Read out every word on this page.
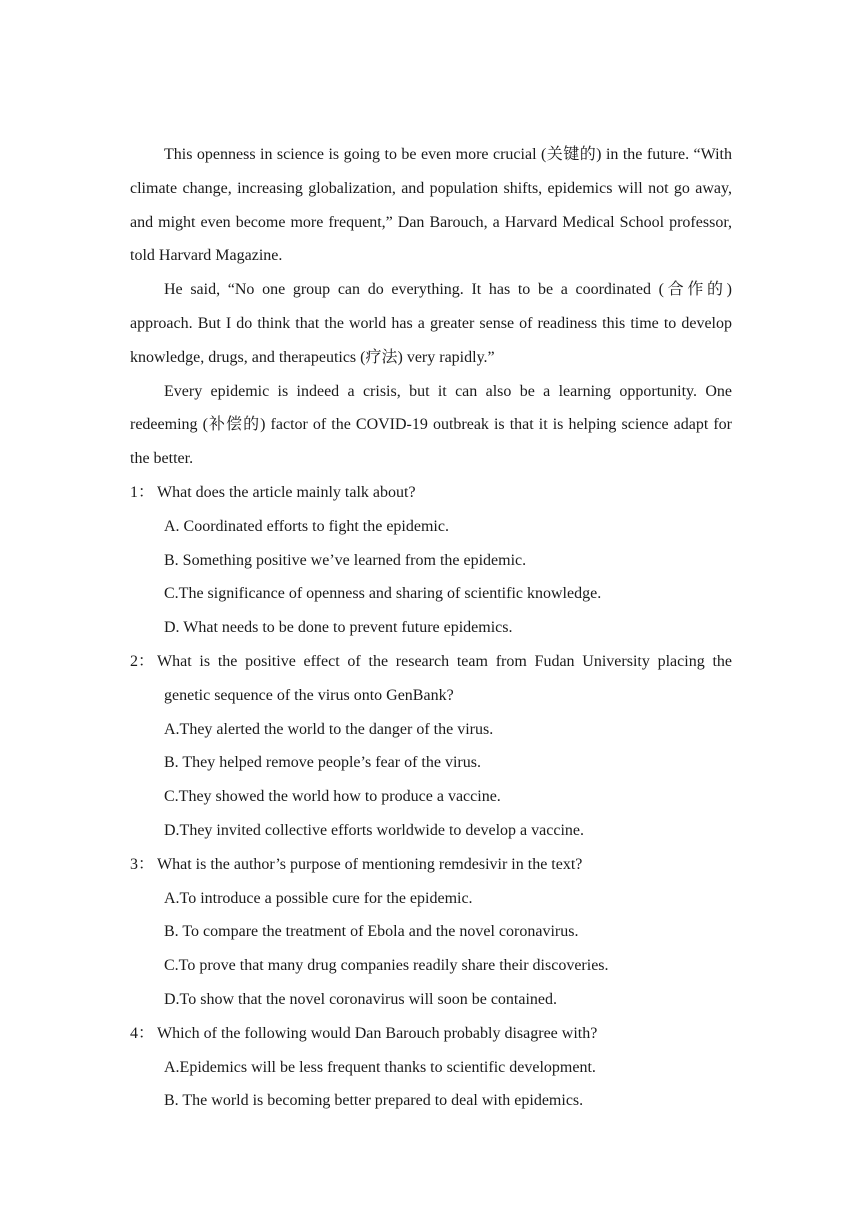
This openness in science is going to be even more crucial (关键的) in the future. “With climate change, increasing globalization, and population shifts, epidemics will not go away, and might even become more frequent,” Dan Barouch, a Harvard Medical School professor, told Harvard Magazine.

He said, “No one group can do everything. It has to be a coordinated (合作的) approach. But I do think that the world has a greater sense of readiness this time to develop knowledge, drugs, and therapeutics (疗法) very rapidly.”

Every epidemic is indeed a crisis, but it can also be a learning opportunity. One redeeming (补偿的) factor of the COVID-19 outbreak is that it is helping science adapt for the better.

1： What does the article mainly talk about?

A. Coordinated efforts to fight the epidemic.

B. Something positive we’ve learned from the epidemic.

C.The significance of openness and sharing of scientific knowledge.

D. What needs to be done to prevent future epidemics.

2： What is the positive effect of the research team from Fudan University placing the genetic sequence of the virus onto GenBank?

A.They alerted the world to the danger of the virus.

B. They helped remove people’s fear of the virus.

C.They showed the world how to produce a vaccine.

D.They invited collective efforts worldwide to develop a vaccine.

3： What is the author’s purpose of mentioning remdesivir in the text?

A.To introduce a possible cure for the epidemic.

B. To compare the treatment of Ebola and the novel coronavirus.

C.To prove that many drug companies readily share their discoveries.

D.To show that the novel coronavirus will soon be contained.

4： Which of the following would Dan Barouch probably disagree with?

A.Epidemics will be less frequent thanks to scientific development.

B. The world is becoming better prepared to deal with epidemics.
